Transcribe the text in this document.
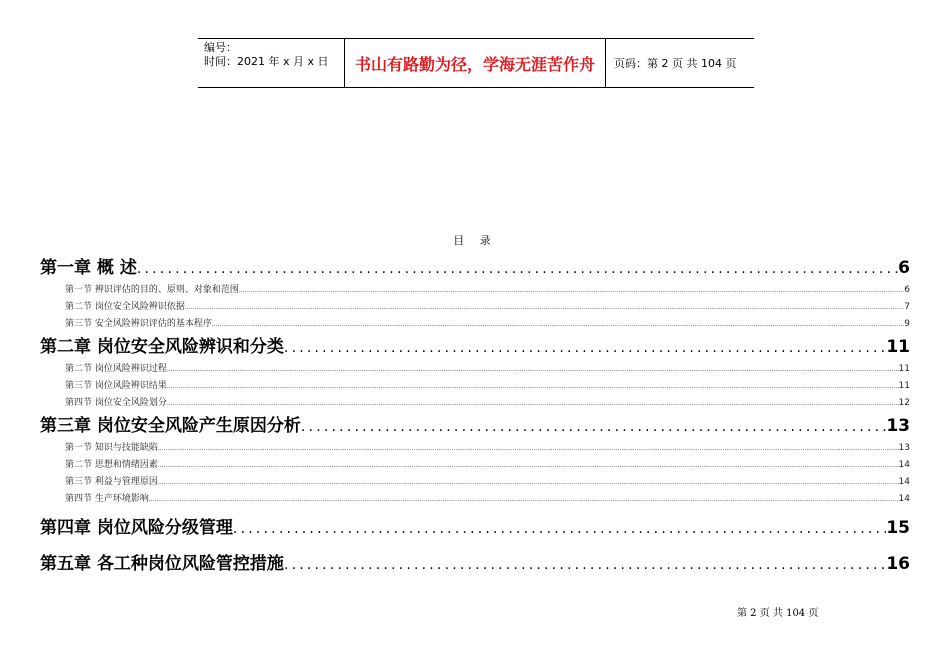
编号：
时间：2021 年 x 月 x 日	书山有路勤为径，学海无涯苦作舟	页码：第 2 页 共 104 页
目 录
第一章 概 述 .....	6
第一节 辨识评估的目的、原则、对象和范围 .....	6
第二节 岗位安全风险辨识依据 .....	7
第三节 安全风险辨识评估的基本程序 .....	9
第二章 岗位安全风险辨识和分类 .....	11
第二节 岗位风险辨识过程 .....	11
第三节 岗位风险辨识结果 .....	11
第四节 岗位安全风险划分 .....	12
第三章 岗位安全风险产生原因分析 .....	13
第一节 知识与技能缺陷 .....	13
第二节 思想和情绪因素 .....	14
第三节 利益与管理原因 .....	14
第四节 生产环境影响 .....	14
第四章 岗位风险分级管理 .....	15
第五章 各工种岗位风险管控措施 .....	16
第 2 页 共 104 页
